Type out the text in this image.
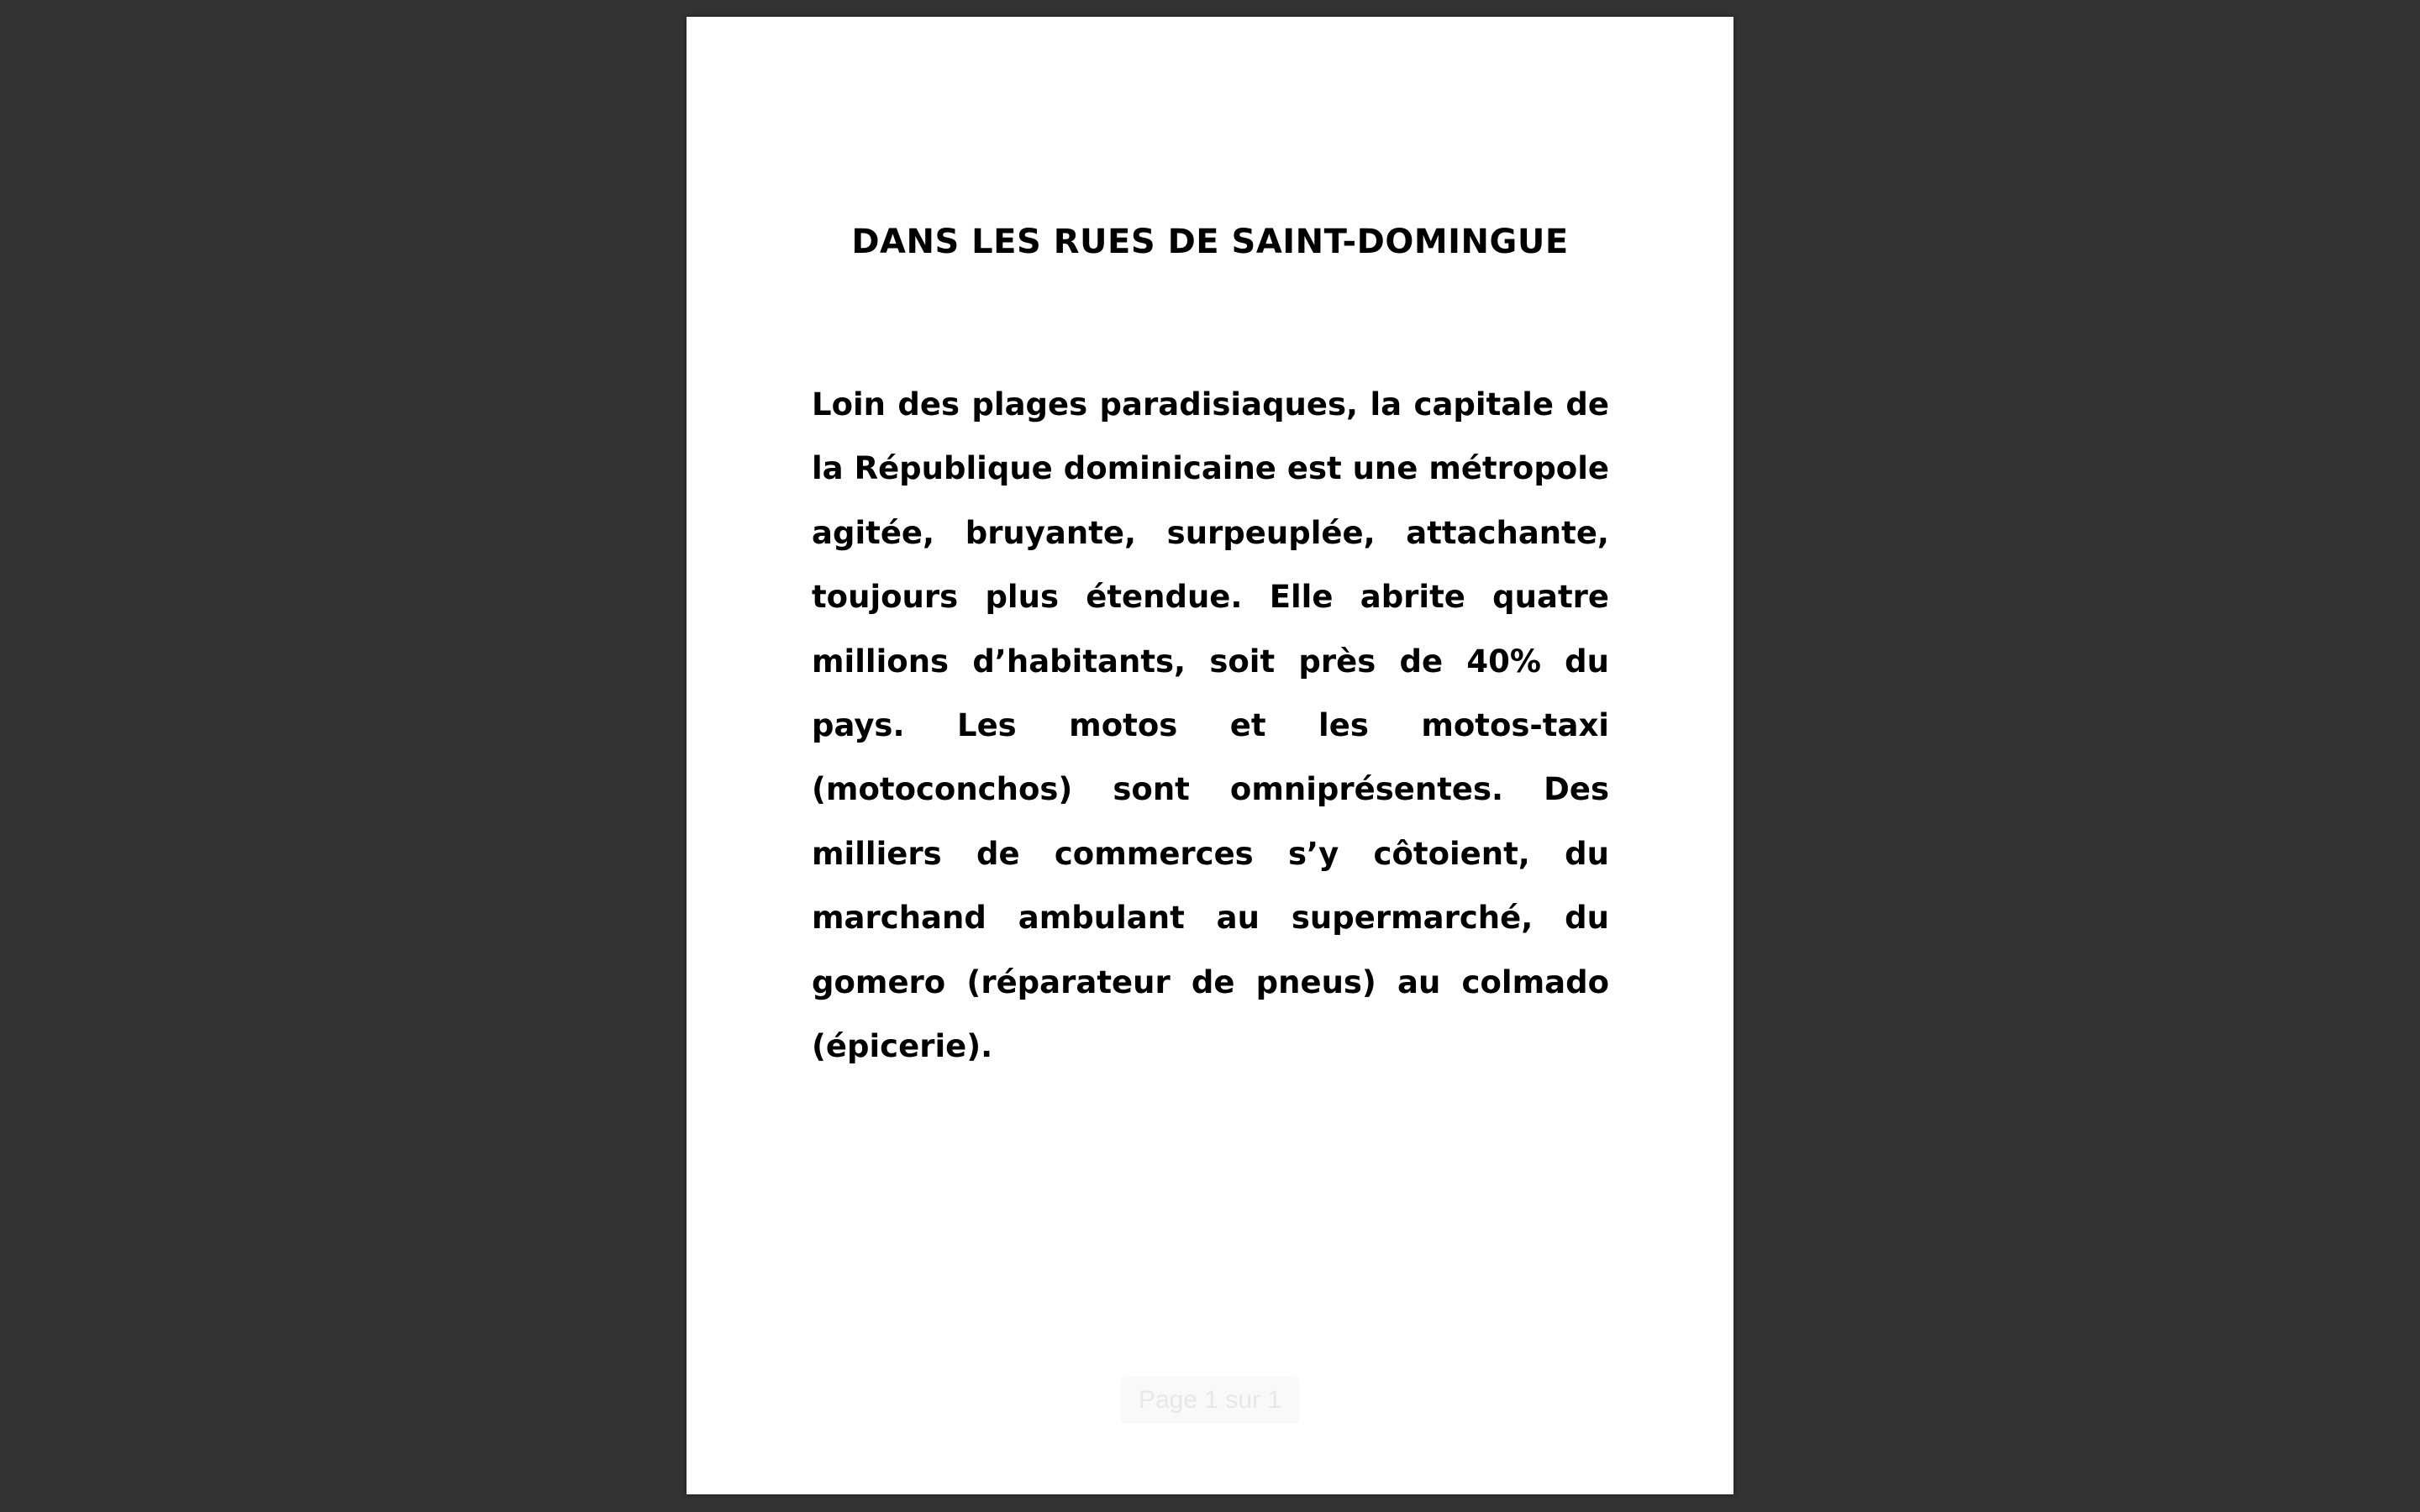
DANS LES RUES DE SAINT-DOMINGUE

Loin des plages paradisiaques, la capitale de la République dominicaine est une métropole agitée, bruyante, surpeuplée, attachante, toujours plus étendue. Elle abrite quatre millions d’habitants, soit près de 40% du pays. Les motos et les motos-taxi (motoconchos) sont omniprésentes. Des milliers de commerces s’y côtoient, du marchand ambulant au supermarché, du gomero (réparateur de pneus) au colmado (épicerie).

Page 1 sur 1
